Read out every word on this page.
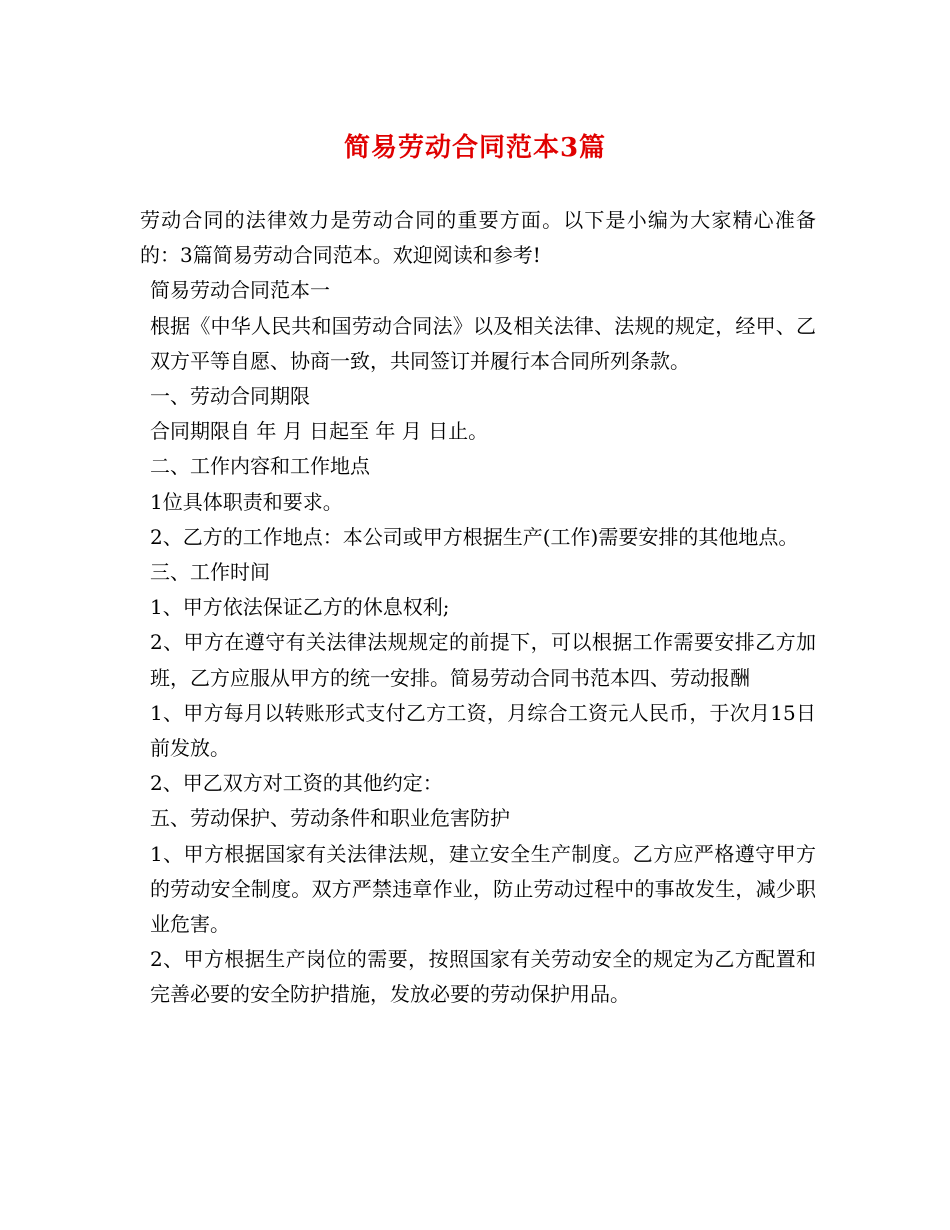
简易劳动合同范本3篇

劳动合同的法律效力是劳动合同的重要方面。以下是小编为大家精心准备的：3篇简易劳动合同范本。欢迎阅读和参考!

简易劳动合同范本一

根据《中华人民共和国劳动合同法》以及相关法律、法规的规定，经甲、乙双方平等自愿、协商一致，共同签订并履行本合同所列条款。

一、劳动合同期限

合同期限自 年 月 日起至 年 月 日止。

二、工作内容和工作地点

1位具体职责和要求。

2、乙方的工作地点：本公司或甲方根据生产(工作)需要安排的其他地点。

三、工作时间

1、甲方依法保证乙方的休息权利;

2、甲方在遵守有关法律法规规定的前提下，可以根据工作需要安排乙方加班，乙方应服从甲方的统一安排。简易劳动合同书范本四、劳动报酬

1、甲方每月以转账形式支付乙方工资，月综合工资元人民币，于次月15日前发放。

2、甲乙双方对工资的其他约定：

五、劳动保护、劳动条件和职业危害防护

1、甲方根据国家有关法律法规，建立安全生产制度。乙方应严格遵守甲方的劳动安全制度。双方严禁违章作业，防止劳动过程中的事故发生，减少职业危害。

2、甲方根据生产岗位的需要，按照国家有关劳动安全的规定为乙方配置和完善必要的安全防护措施，发放必要的劳动保护用品。
